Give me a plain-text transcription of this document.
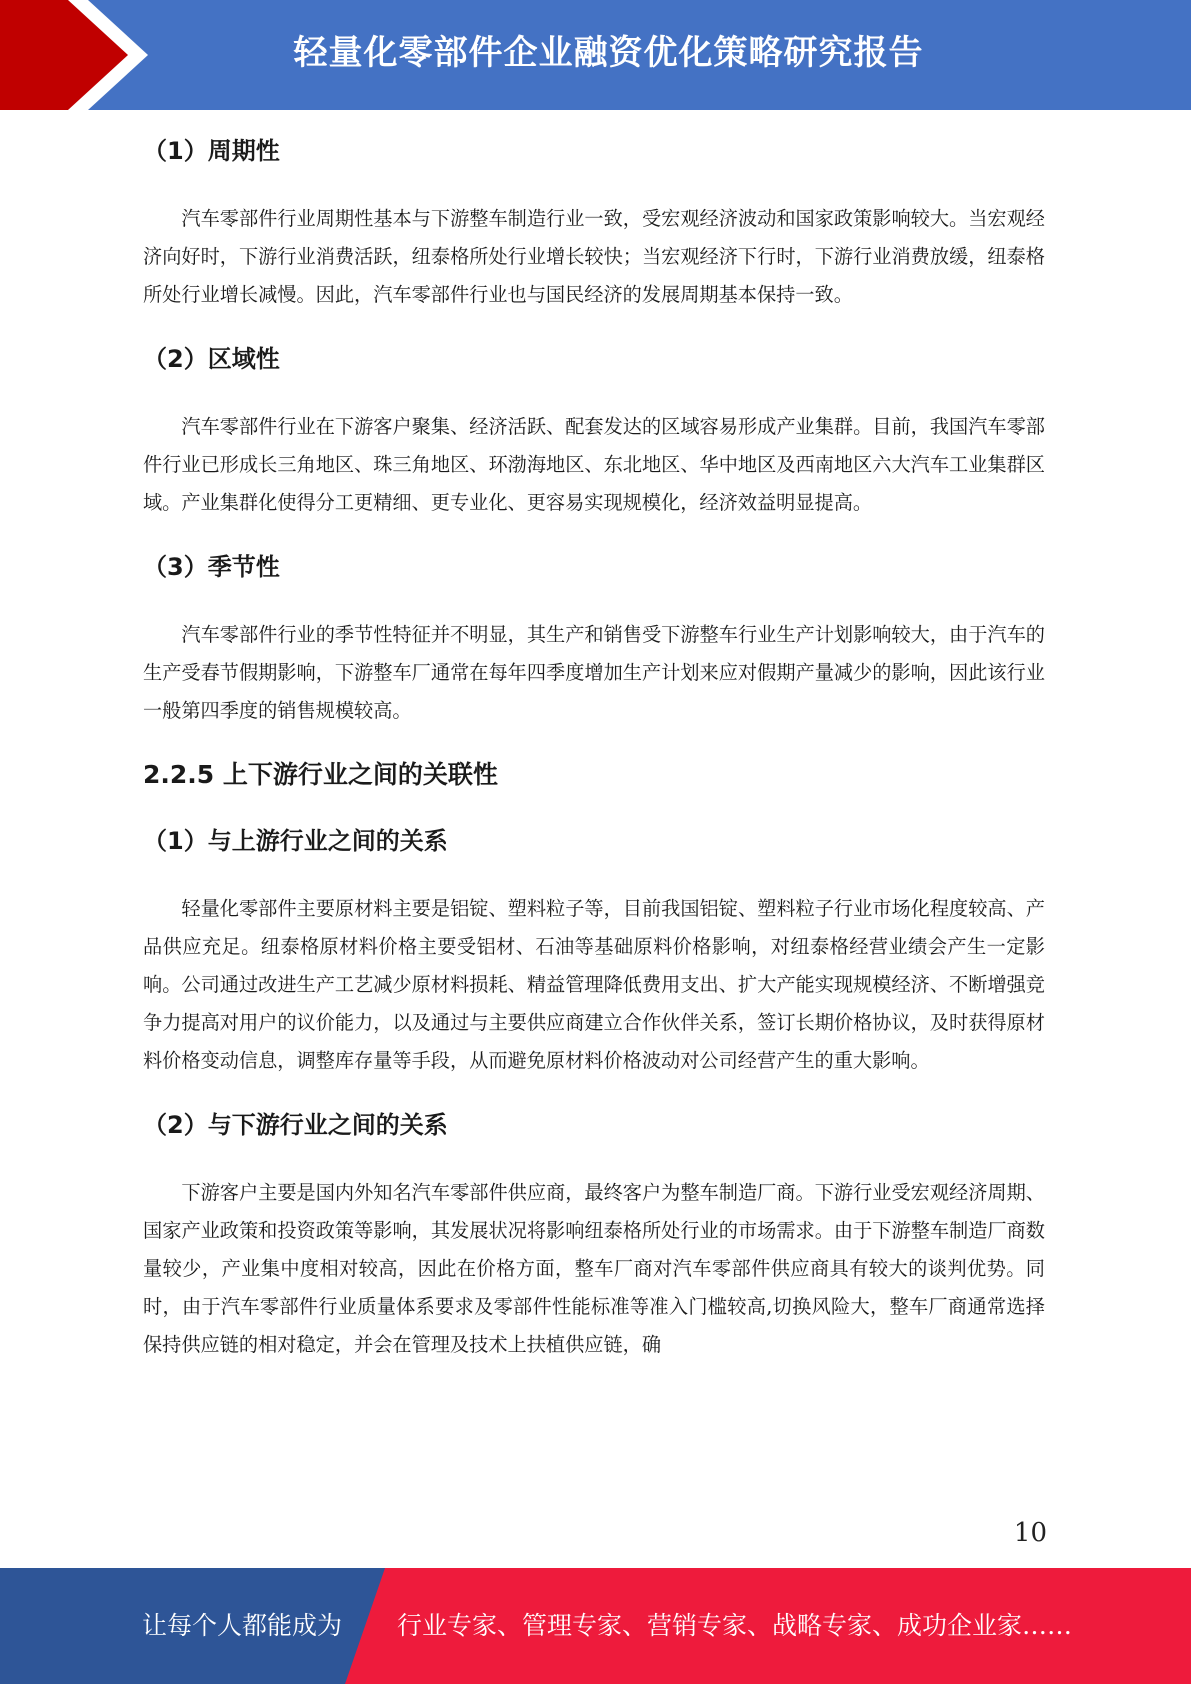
轻量化零部件企业融资优化策略研究报告
（1）周期性

汽车零部件行业周期性基本与下游整车制造行业一致，受宏观经济波动和国家政策影响较大。当宏观经济向好时，下游行业消费活跃，纽泰格所处行业增长较快；当宏观经济下行时，下游行业消费放缓，纽泰格所处行业增长减慢。因此，汽车零部件行业也与国民经济的发展周期基本保持一致。

（2）区域性

汽车零部件行业在下游客户聚集、经济活跃、配套发达的区域容易形成产业集群。目前，我国汽车零部件行业已形成长三角地区、珠三角地区、环渤海地区、东北地区、华中地区及西南地区六大汽车工业集群区域。产业集群化使得分工更精细、更专业化、更容易实现规模化，经济效益明显提高。

（3）季节性

汽车零部件行业的季节性特征并不明显，其生产和销售受下游整车行业生产计划影响较大，由于汽车的生产受春节假期影响，下游整车厂通常在每年四季度增加生产计划来应对假期产量减少的影响，因此该行业一般第四季度的销售规模较高。

2.2.5 上下游行业之间的关联性
（1）与上游行业之间的关系

轻量化零部件主要原材料主要是铝锭、塑料粒子等，目前我国铝锭、塑料粒子行业市场化程度较高、产品供应充足。纽泰格原材料价格主要受铝材、石油等基础原料价格影响，对纽泰格经营业绩会产生一定影响。公司通过改进生产工艺减少原材料损耗、精益管理降低费用支出、扩大产能实现规模经济、不断增强竞争力提高对用户的议价能力，以及通过与主要供应商建立合作伙伴关系，签订长期价格协议，及时获得原材料价格变动信息，调整库存量等手段，从而避免原材料价格波动对公司经营产生的重大影响。

（2）与下游行业之间的关系

下游客户主要是国内外知名汽车零部件供应商，最终客户为整车制造厂商。下游行业受宏观经济周期、国家产业政策和投资政策等影响，其发展状况将影响纽泰格所处行业的市场需求。由于下游整车制造厂商数量较少，产业集中度相对较高，因此在价格方面，整车厂商对汽车零部件供应商具有较大的谈判优势。同时，由于汽车零部件行业质量体系要求及零部件性能标准等准入门槛较高,切换风险大，整车厂商通常选择保持供应链的相对稳定，并会在管理及技术上扶植供应链，确

10
让每个人都能成为 行业专家、管理专家、营销专家、战略专家、成功企业家……
